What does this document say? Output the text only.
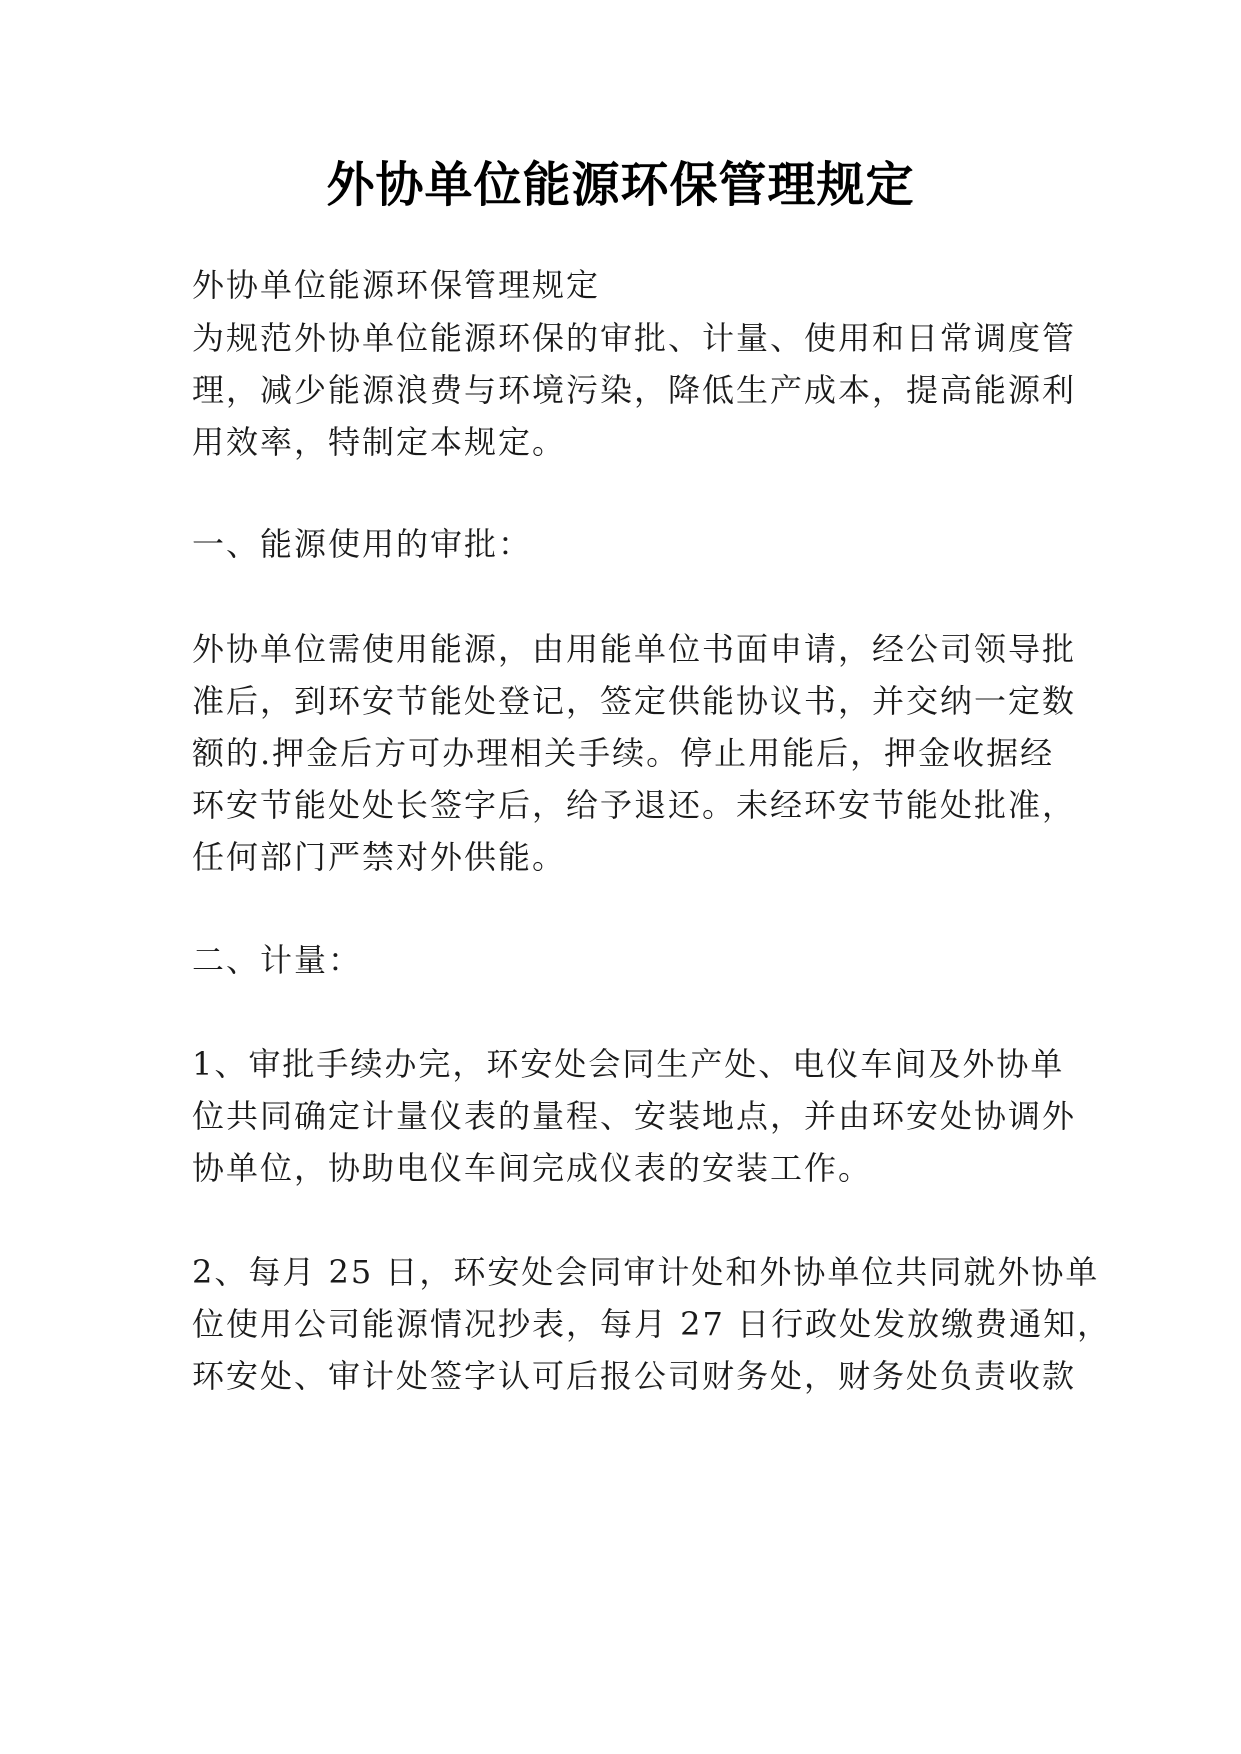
外协单位能源环保管理规定
外协单位能源环保管理规定
为规范外协单位能源环保的审批、计量、使用和日常调度管
理，减少能源浪费与环境污染，降低生产成本，提高能源利
用效率，特制定本规定。
一、能源使用的审批：
外协单位需使用能源，由用能单位书面申请，经公司领导批
准后，到环安节能处登记，签定供能协议书，并交纳一定数
额的.押金后方可办理相关手续。停止用能后，押金收据经
环安节能处处长签字后，给予退还。未经环安节能处批准，
任何部门严禁对外供能。
二、计量：
1、审批手续办完，环安处会同生产处、电仪车间及外协单
位共同确定计量仪表的量程、安装地点，并由环安处协调外
协单位，协助电仪车间完成仪表的安装工作。
2、每月 25 日，环安处会同审计处和外协单位共同就外协单
位使用公司能源情况抄表，每月 27 日行政处发放缴费通知，
环安处、审计处签字认可后报公司财务处，财务处负责收款
